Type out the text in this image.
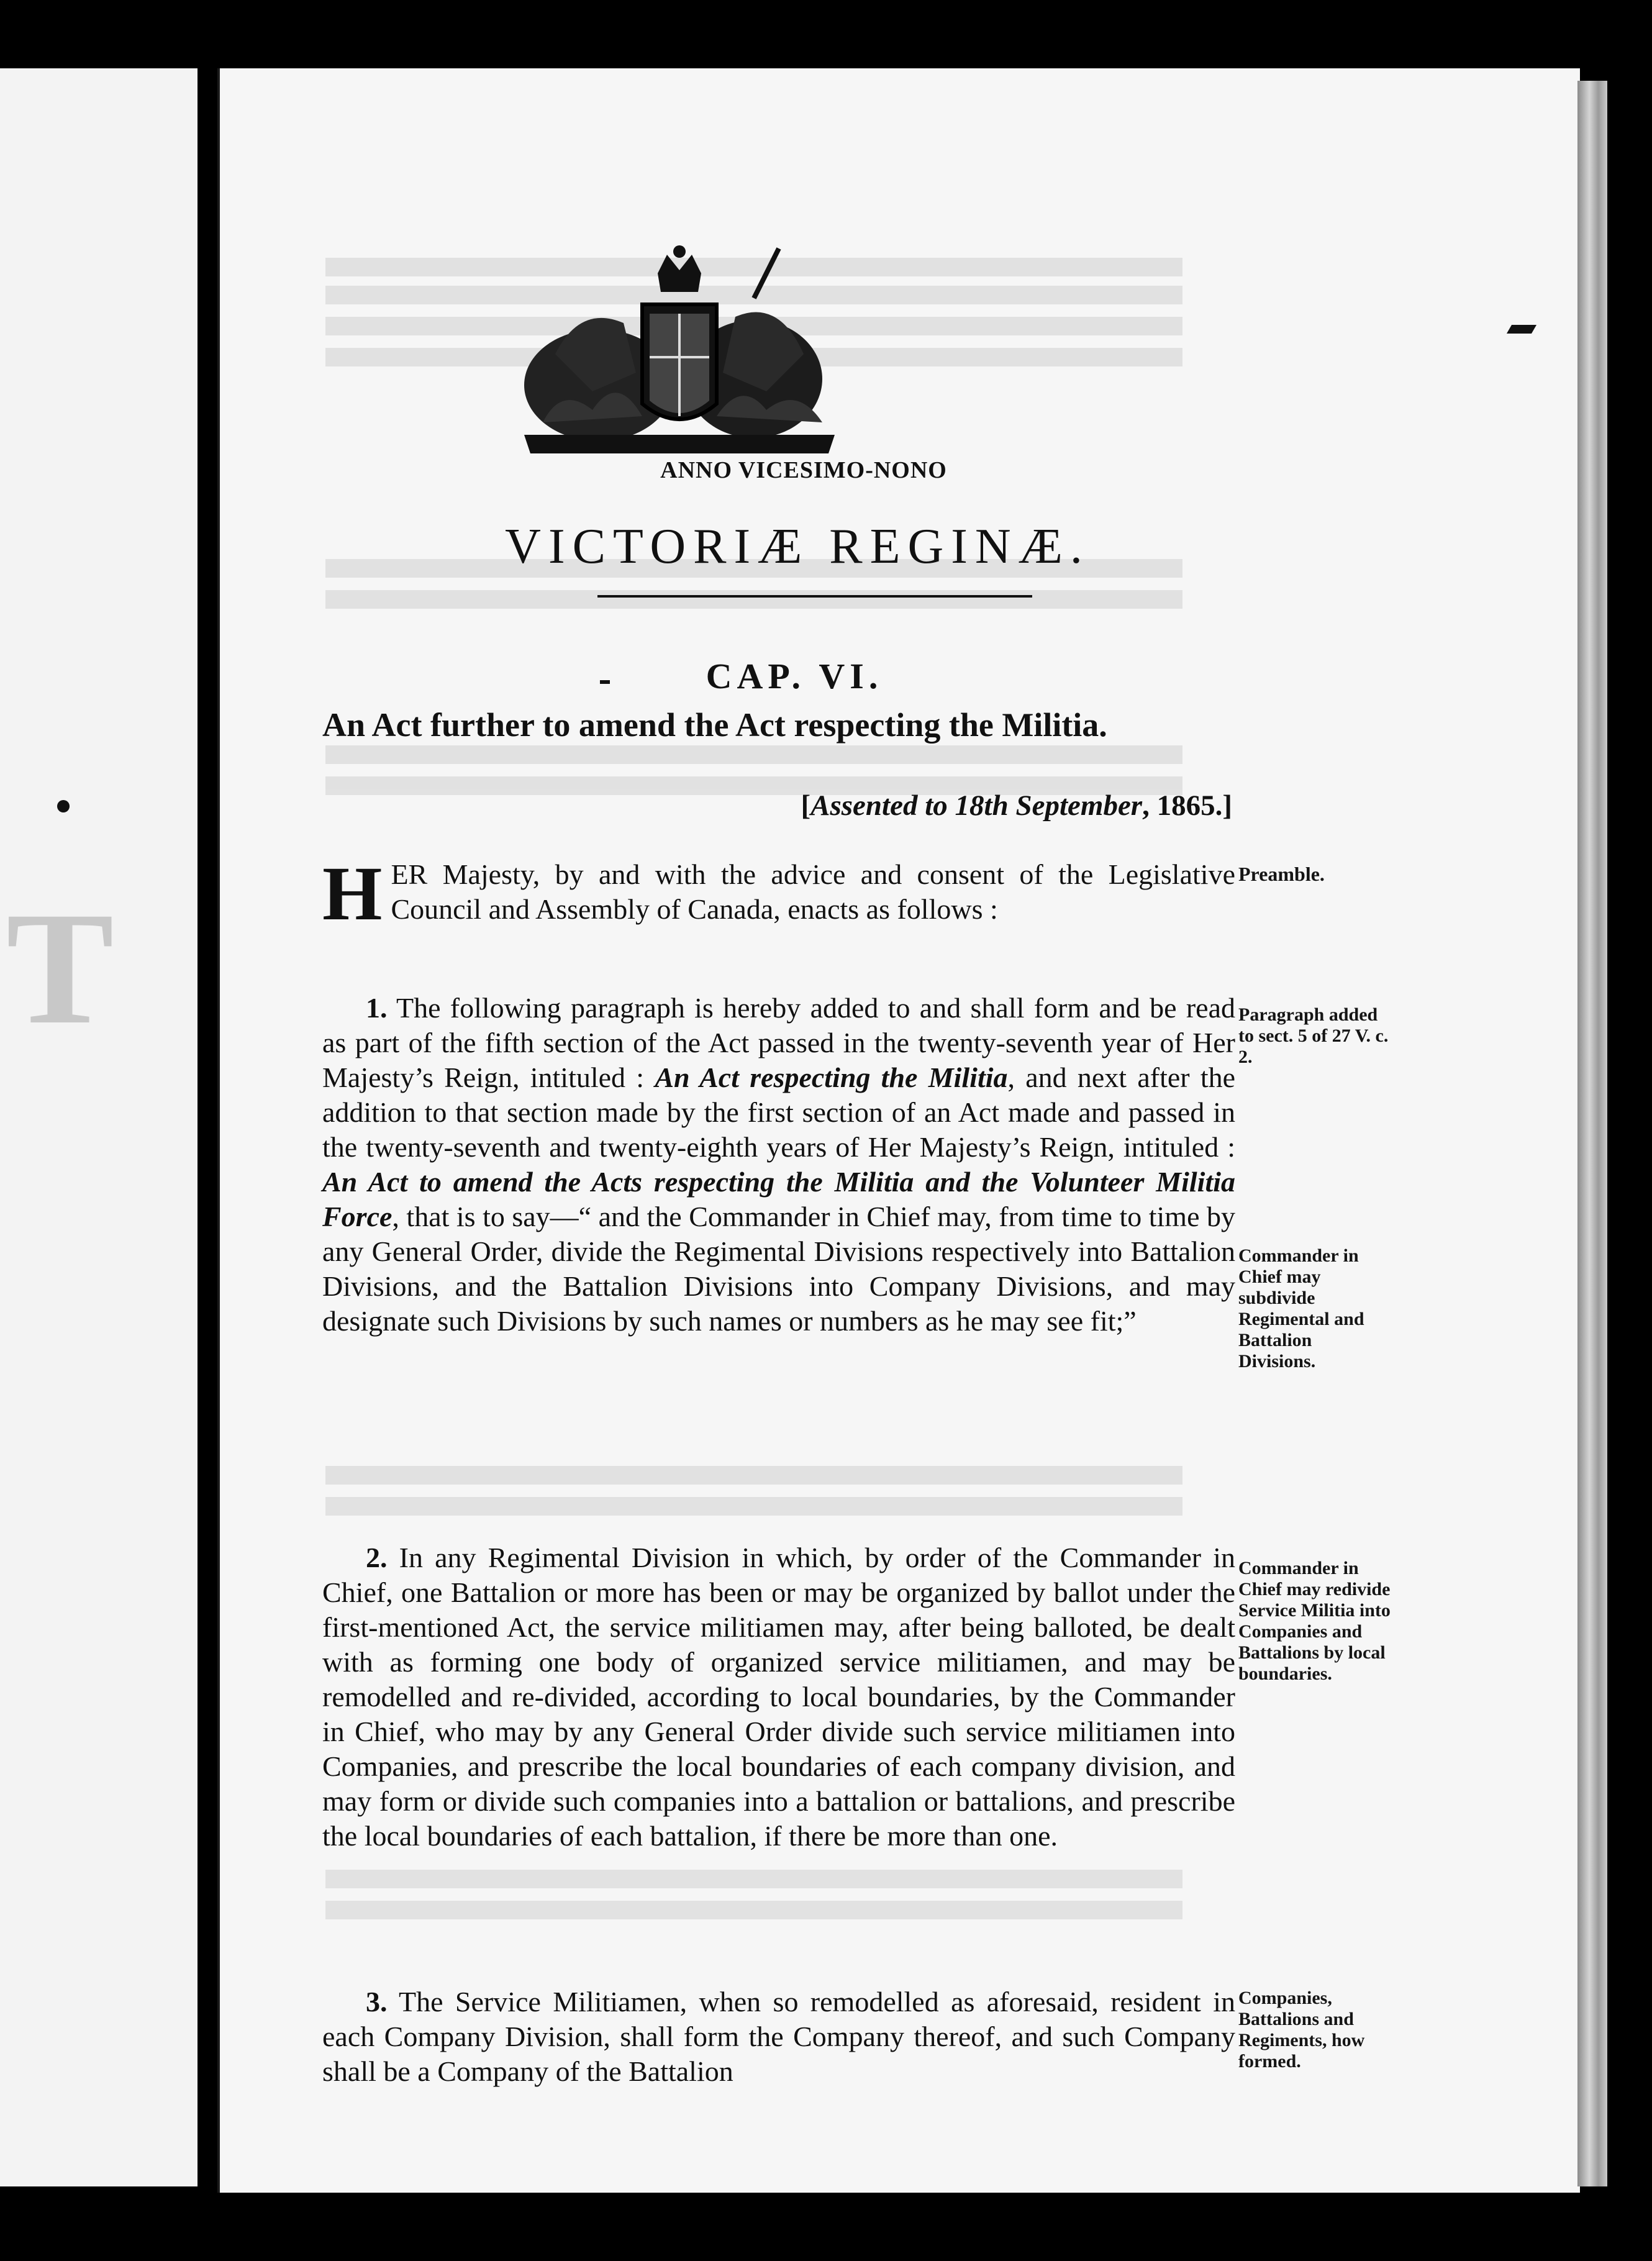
T
ANNO VICESIMO-NONO
VICTORIÆ REGINÆ.
CAP. VI.
An Act further to amend the Act respecting the Militia.
[Assented to 18th September, 1865.]
HER Majesty, by and with the advice and consent of the Legislative Council and Assembly of Canada, enacts as follows :
1. The following paragraph is hereby added to and shall form and be read as part of the fifth section of the Act passed in the twenty-seventh year of Her Majesty’s Reign, intituled : An Act respecting the Militia, and next after the addition to that section made by the first section of an Act made and passed in the twenty-seventh and twenty-eighth years of Her Majesty’s Reign, intituled : An Act to amend the Acts respecting the Militia and the Volunteer Militia Force, that is to say—“ and the Commander in Chief may, from time to time by any General Order, divide the Regimental Divisions respectively into Battalion Divisions, and the Battalion Divisions into Company Divisions, and may designate such Divisions by such names or numbers as he may see fit;”
2. In any Regimental Division in which, by order of the Commander in Chief, one Battalion or more has been or may be organized by ballot under the first-mentioned Act, the service militiamen may, after being balloted, be dealt with as forming one body of organized service militiamen, and may be remodelled and re-divided, according to local boundaries, by the Commander in Chief, who may by any General Order divide such service militiamen into Companies, and prescribe the local boundaries of each company division, and may form or divide such companies into a battalion or battalions, and prescribe the local boundaries of each battalion, if there be more than one.
3. The Service Militiamen, when so remodelled as aforesaid, resident in each Company Division, shall form the Company thereof, and such Company shall be a Company of the Battalion
Preamble.
Paragraph added to sect. 5 of 27 V. c. 2.
Commander in Chief may subdivide Regimental and Battalion Divisions.
Commander in Chief may redivide Service Militia into Companies and Battalions by local boundaries.
Companies, Battalions and Regiments, how formed.
